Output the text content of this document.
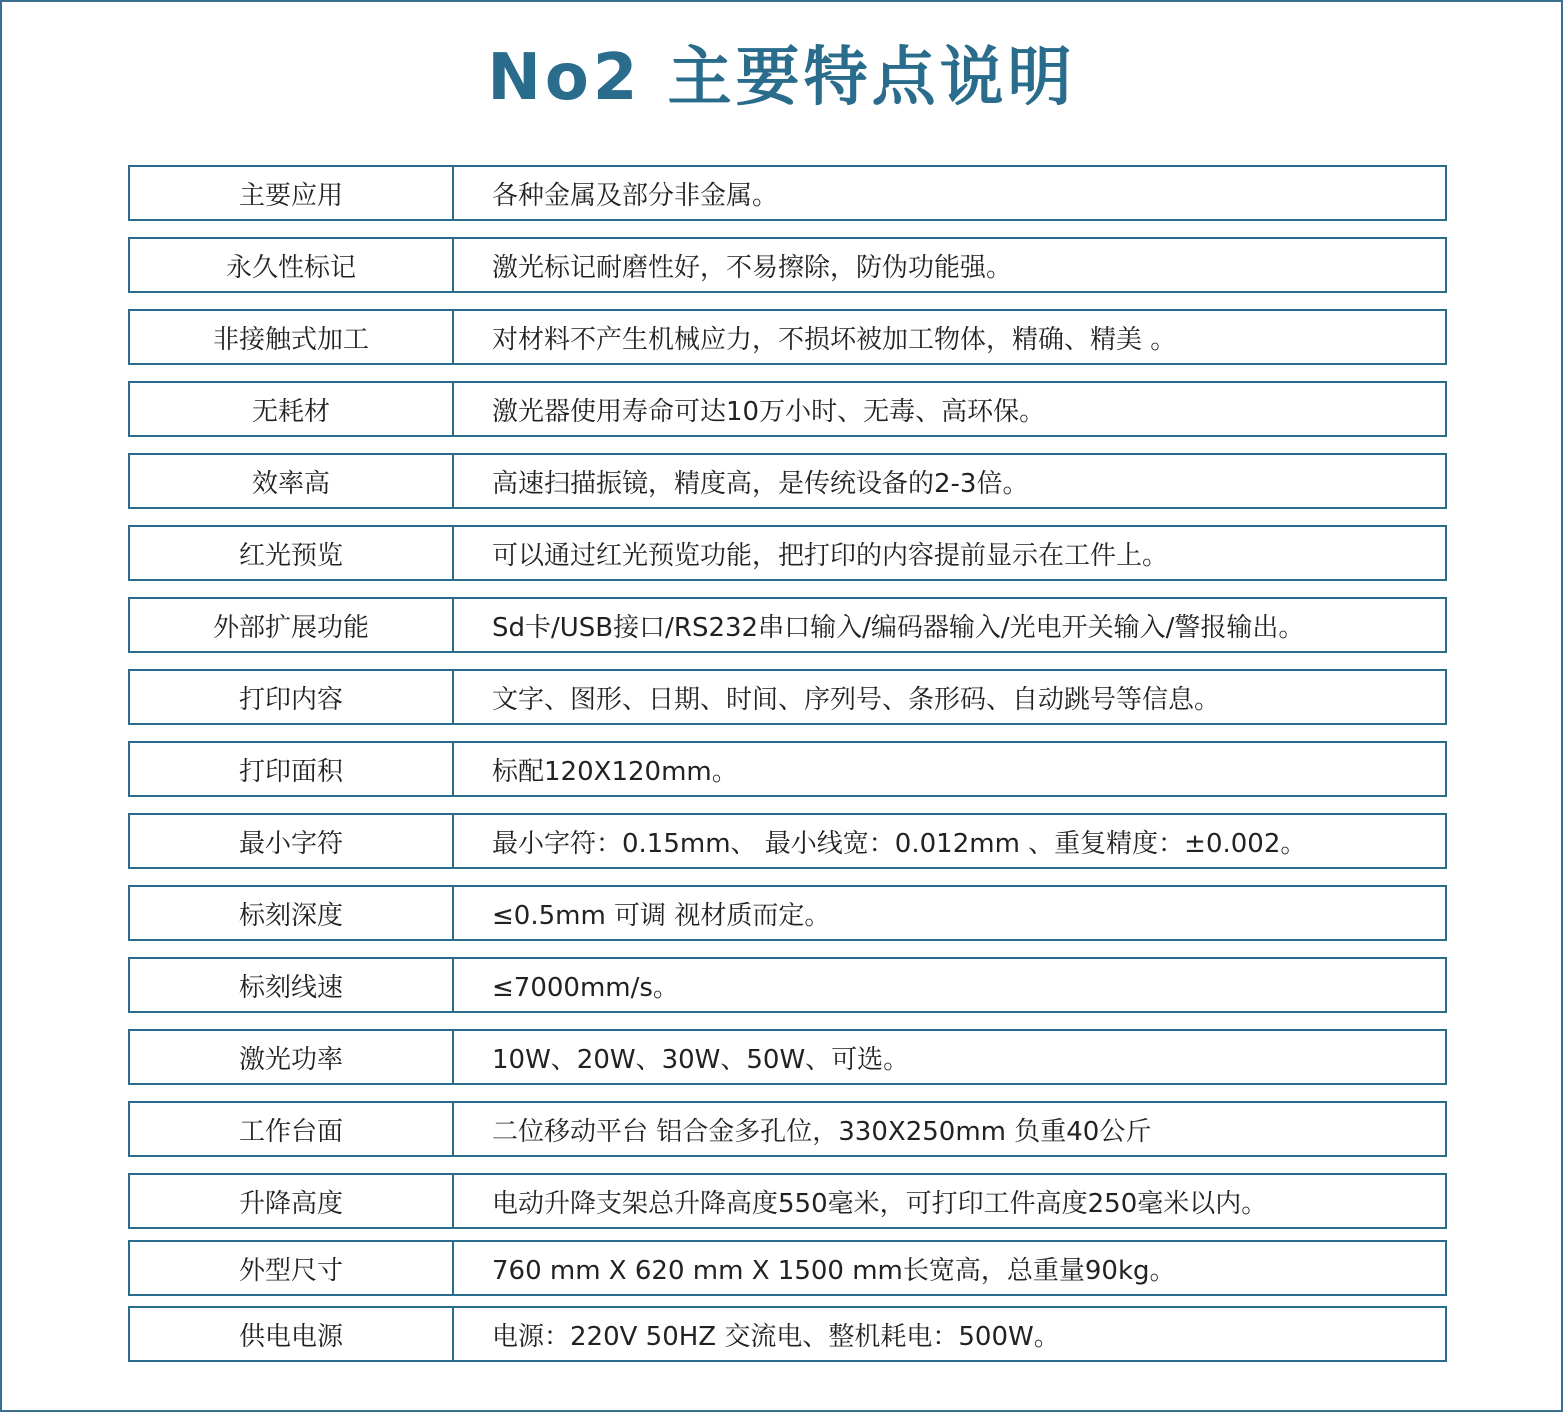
No2 主要特点说明
主要应用	各种金属及部分非金属。
永久性标记	激光标记耐磨性好，不易擦除，防伪功能强。
非接触式加工	对材料不产生机械应力，不损坏被加工物体，精确、精美 。
无耗材	激光器使用寿命可达10万小时、无毒、高环保。
效率高	高速扫描振镜，精度高，是传统设备的2-3倍。
红光预览	可以通过红光预览功能，把打印的内容提前显示在工件上。
外部扩展功能	Sd卡/USB接口/RS232串口输入/编码器输入/光电开关输入/警报输出。
打印内容	文字、图形、日期、时间、序列号、条形码、自动跳号等信息。
打印面积	标配120X120mm。
最小字符	最小字符：0.15mm、 最小线宽：0.012mm 、重复精度：±0.002。
标刻深度	≤0.5mm 可调 视材质而定。
标刻线速	≤7000mm/s。
激光功率	10W、20W、30W、50W、可选。
工作台面	二位移动平台 铝合金多孔位，330X250mm 负重40公斤
升降高度	电动升降支架总升降高度550毫米，可打印工件高度250毫米以内。
外型尺寸	760 mm X 620 mm X 1500 mm长宽高，总重量90kg。
供电电源	电源：220V 50HZ 交流电、整机耗电：500W。
